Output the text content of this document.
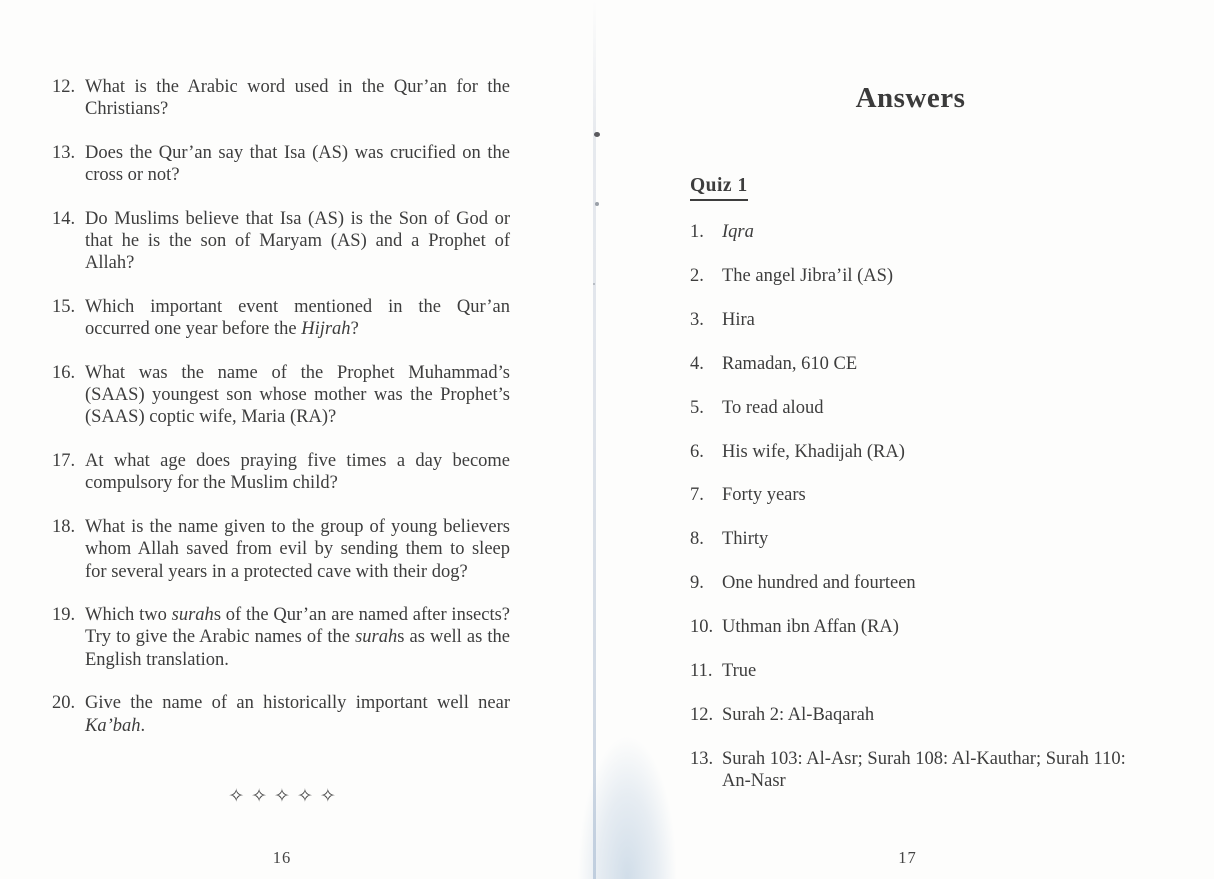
12. What is the Arabic word used in the Qur’an for the Christians?
13. Does the Qur’an say that Isa (AS) was crucified on the cross or not?
14. Do Muslims believe that Isa (AS) is the Son of God or that he is the son of Maryam (AS) and a Prophet of Allah?
15. Which important event mentioned in the Qur’an occurred one year before the Hijrah?
16. What was the name of the Prophet Muhammad’s (SAAS) youngest son whose mother was the Prophet’s (SAAS) coptic wife, Maria (RA)?
17. At what age does praying five times a day become compulsory for the Muslim child?
18. What is the name given to the group of young believers whom Allah saved from evil by sending them to sleep for several years in a protected cave with their dog?
19. Which two surahs of the Qur’an are named after insects? Try to give the Arabic names of the surahs as well as the English translation.
20. Give the name of an historically important well near Ka’bah.
✧✧✧✧✧
16
Answers
Quiz 1
1. Iqra
2. The angel Jibra’il (AS)
3. Hira
4. Ramadan, 610 CE
5. To read aloud
6. His wife, Khadijah (RA)
7. Forty years
8. Thirty
9. One hundred and fourteen
10. Uthman ibn Affan (RA)
11. True
12. Surah 2: Al-Baqarah
13. Surah 103: Al-Asr; Surah 108: Al-Kauthar; Surah 110: An-Nasr
17
